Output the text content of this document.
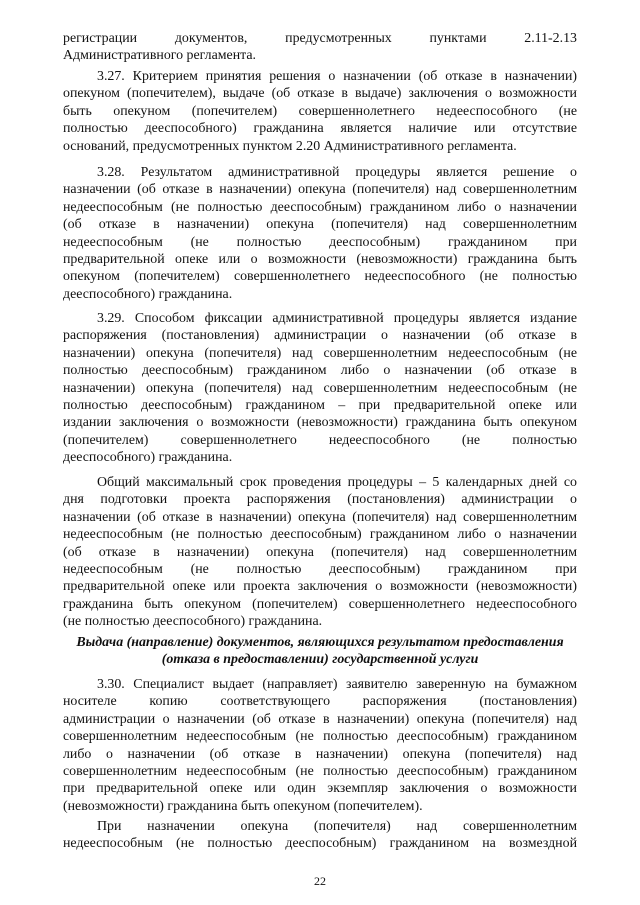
регистрации документов, предусмотренных пунктами 2.11-2.13
Административного регламента.
3.27. Критерием принятия решения о назначении (об отказе в назначении)
опекуном (попечителем), выдаче (об отказе в выдаче) заключения о возможности
быть опекуном (попечителем) совершеннолетнего недееспособного (не
полностью дееспособного) гражданина является наличие или отсутствие
оснований, предусмотренных пунктом 2.20 Административного регламента.
3.28. Результатом административной процедуры является решение о
назначении (об отказе в назначении) опекуна (попечителя) над совершеннолетним
недееспособным (не полностью дееспособным) гражданином либо о назначении
(об отказе в назначении) опекуна (попечителя) над совершеннолетним
недееспособным (не полностью дееспособным) гражданином при
предварительной опеке или о возможности (невозможности) гражданина быть
опекуном (попечителем) совершеннолетнего недееспособного (не полностью
дееспособного) гражданина.
3.29. Способом фиксации административной процедуры является издание
распоряжения (постановления) администрации о назначении (об отказе в
назначении) опекуна (попечителя) над совершеннолетним недееспособным (не
полностью дееспособным) гражданином либо о назначении (об отказе в
назначении) опекуна (попечителя) над совершеннолетним недееспособным (не
полностью дееспособным) гражданином – при предварительной опеке или
издании заключения о возможности (невозможности) гражданина быть опекуном
(попечителем) совершеннолетнего недееспособного (не полностью
дееспособного) гражданина.
Общий максимальный срок проведения процедуры – 5 календарных дней со
дня подготовки проекта распоряжения (постановления) администрации о
назначении (об отказе в назначении) опекуна (попечителя) над совершеннолетним
недееспособным (не полностью дееспособным) гражданином либо о назначении
(об отказе в назначении) опекуна (попечителя) над совершеннолетним
недееспособным (не полностью дееспособным) гражданином при
предварительной опеке или проекта заключения о возможности (невозможности)
гражданина быть опекуном (попечителем) совершеннолетнего недееспособного
(не полностью дееспособного) гражданина.
3.30. Специалист выдает (направляет) заявителю заверенную на бумажном
носителе копию соответствующего распоряжения (постановления)
администрации о назначении (об отказе в назначении) опекуна (попечителя) над
совершеннолетним недееспособным (не полностью дееспособным) гражданином
либо о назначении (об отказе в назначении) опекуна (попечителя) над
совершеннолетним недееспособным (не полностью дееспособным) гражданином
при предварительной опеке или один экземпляр заключения о возможности
(невозможности) гражданина быть опекуном (попечителем).
При назначении опекуна (попечителя) над совершеннолетним
недееспособным (не полностью дееспособным) гражданином на возмездной
Выдача (направление) документов, являющихся результатом предоставления
(отказа в предоставлении) государственной услуги
22
